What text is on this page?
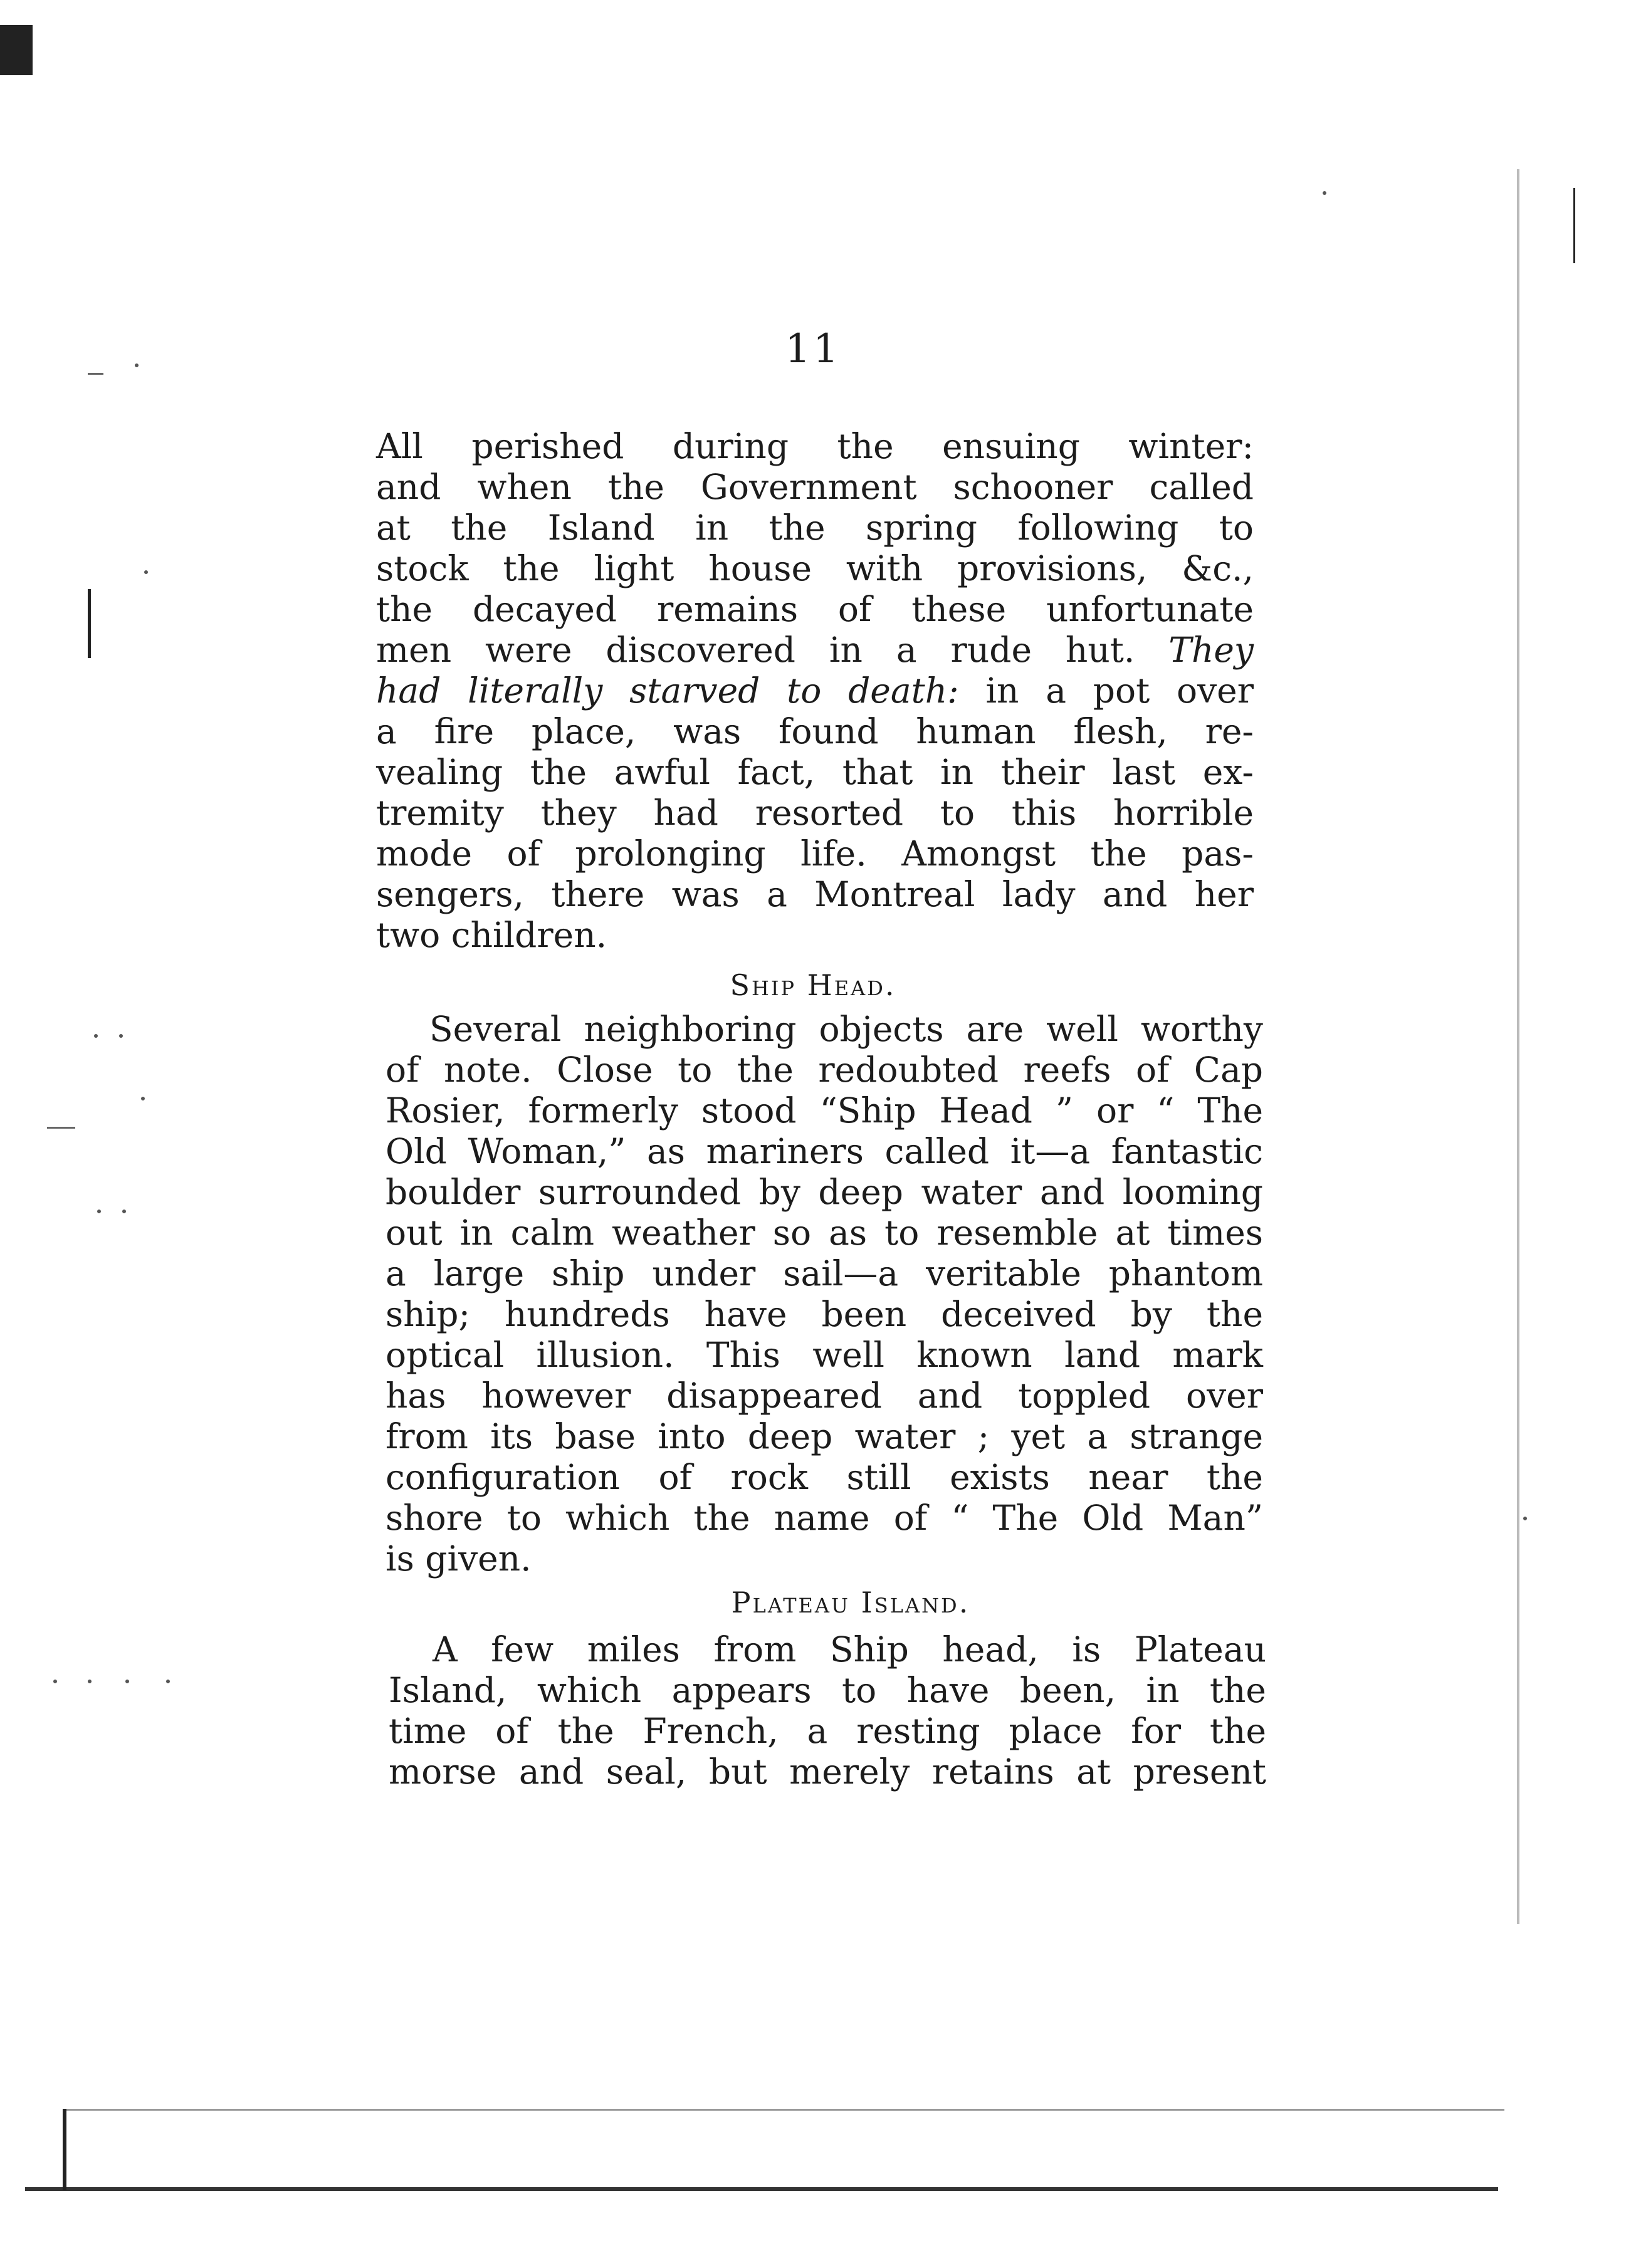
11
All perished during the ensuing winter:
and when the Government schooner called
at the Island in the spring following to
stock the light house with provisions, &c.,
the decayed remains of these unfortunate
men were discovered in a rude hut. They
had literally starved to death: in a pot over
a fire place, was found human flesh, re-
vealing the awful fact, that in their last ex-
tremity they had resorted to this horrible
mode of prolonging life. Amongst the pas-
sengers, there was a Montreal lady and her
two children.
Ship Head.
Several neighboring objects are well worthy
of note. Close to the redoubted reefs of Cap
Rosier, formerly stood “Ship Head ” or “ The
Old Woman,” as mariners called it—a fantastic
boulder surrounded by deep water and looming
out in calm weather so as to resemble at times
a large ship under sail—a veritable phantom
ship; hundreds have been deceived by the
optical illusion. This well known land mark
has however disappeared and toppled over
from its base into deep water ; yet a strange
configuration of rock still exists near the
shore to which the name of “ The Old Man”
is given.
Plateau Island.
A few miles from Ship head, is Plateau
Island, which appears to have been, in the
time of the French, a resting place for the
morse and seal, but merely retains at present
